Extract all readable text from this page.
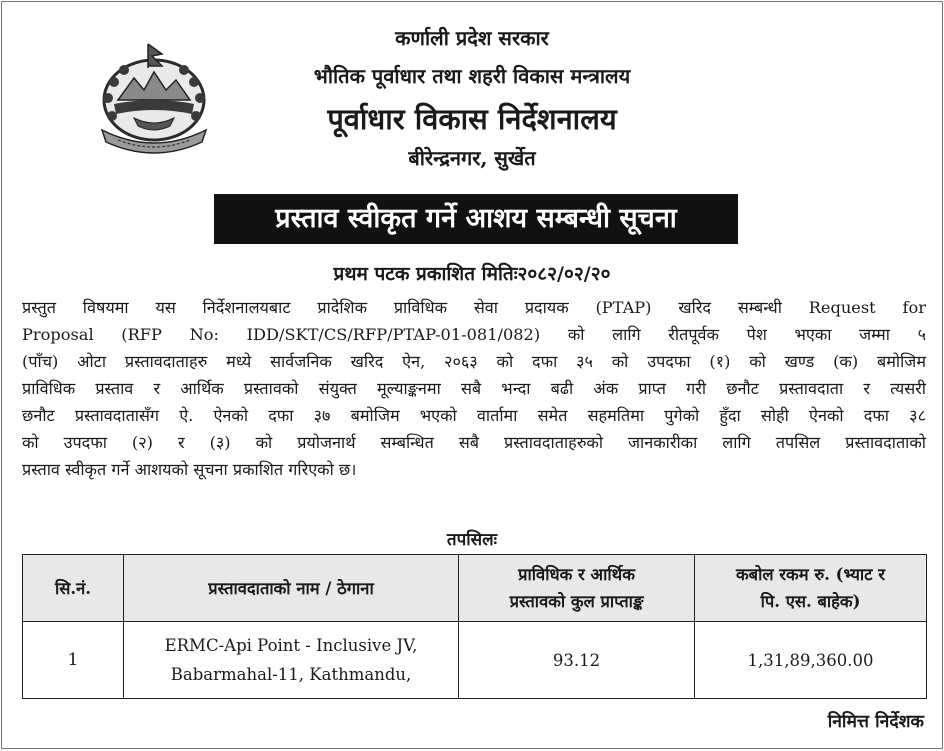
कर्णाली प्रदेश सरकार
भौतिक पूर्वाधार तथा शहरी विकास मन्त्रालय
पूर्वाधार विकास निर्देशनालय
बीरेन्द्रनगर, सुर्खेत
प्रस्ताव स्वीकृत गर्ने आशय सम्बन्धी सूचना
प्रथम पटक प्रकाशित मितिः२०८२/०२/२०
प्रस्तुत विषयमा यस निर्देशनालयबाट प्रादेशिक प्राविधिक सेवा प्रदायक (PTAP) खरिद सम्बन्धी Request for
Proposal (RFP No: IDD/SKT/CS/RFP/PTAP-01-081/082) को लागि रीतपूर्वक पेश भएका जम्मा ५
(पाँच) ओटा प्रस्तावदाताहरु मध्ये सार्वजनिक खरिद ऐन, २०६३ को दफा ३५ को उपदफा (१) को खण्ड (क) बमोजिम
प्राविधिक प्रस्ताव र आर्थिक प्रस्तावको संयुक्त मूल्याङ्कनमा सबै भन्दा बढी अंक प्राप्त गरी छनौट प्रस्तावदाता र त्यसरी
छनौट प्रस्तावदातासँग ऐ. ऐनको दफा ३७ बमोजिम भएको वार्तामा समेत सहमतिमा पुगेको हुँदा सोही ऐनको दफा ३८
को उपदफा (२) र (३) को प्रयोजनार्थ सम्बन्धित सबै प्रस्तावदाताहरुको जानकारीका लागि तपसिल प्रस्तावदाताको
प्रस्ताव स्वीकृत गर्ने आशयको सूचना प्रकाशित गरिएको छ।
तपसिलः
सि.नं.	प्रस्तावदाताको नाम / ठेगाना	प्राविधिक र आर्थिक
प्रस्तावको कुल प्राप्ताङ्क	कबोल रकम रु. (भ्याट र
पि. एस. बाहेक)
1	ERMC-Api Point - Inclusive JV,
Babarmahal-11, Kathmandu,	93.12	1,31,89,360.00
निमित्त निर्देशक
